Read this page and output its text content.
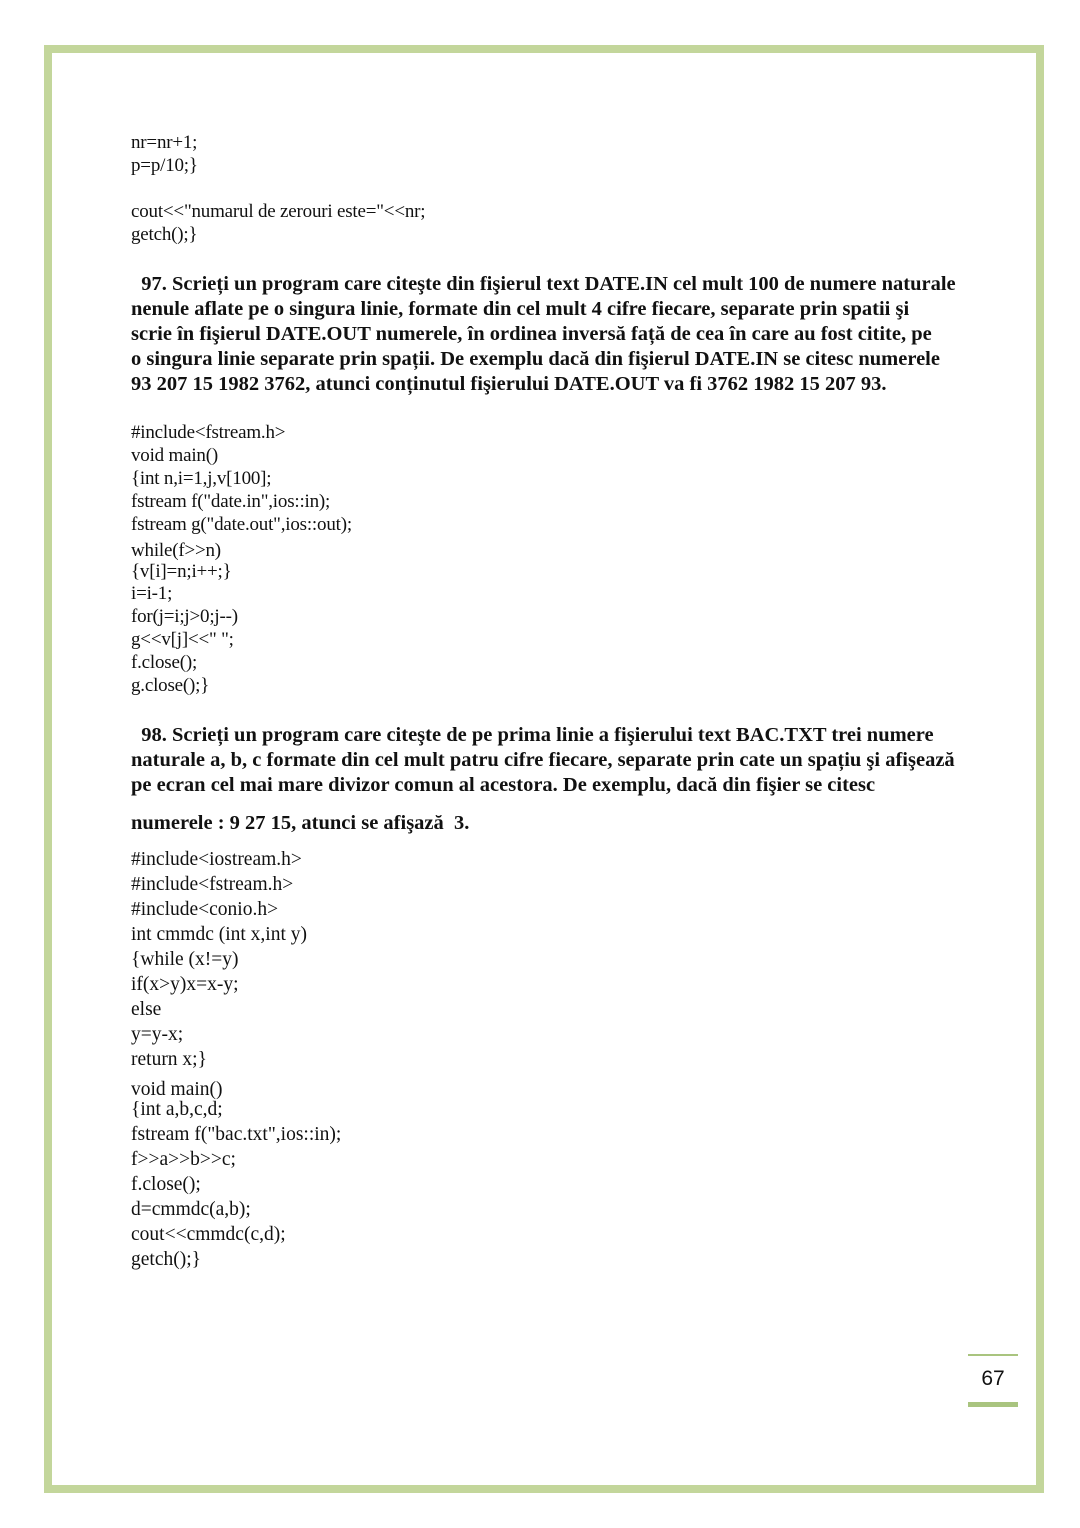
nr=nr+1;
p=p/10;}
cout<<"numarul de zerouri este="<<nr;
getch();}
97. Scrieți un program care citeşte din fişierul text DATE.IN cel mult 100 de numere naturale
nenule aflate pe o singura linie, formate din cel mult 4 cifre fiecare, separate prin spatii şi
scrie în fişierul DATE.OUT numerele, în ordinea inversă față de cea în care au fost citite, pe
o singura linie separate prin spații. De exemplu dacă din fişierul DATE.IN se citesc numerele
93 207 15 1982 3762, atunci conținutul fişierului DATE.OUT va fi 3762 1982 15 207 93.
#include<fstream.h>
void main()
{int n,i=1,j,v[100];
fstream f("date.in",ios::in);
fstream g("date.out",ios::out);
while(f>>n)
{v[i]=n;i++;}
i=i-1;
for(j=i;j>0;j--)
g<<v[j]<<" ";
f.close();
g.close();}
98. Scrieți un program care citeşte de pe prima linie a fişierului text BAC.TXT trei numere
naturale a, b, c formate din cel mult patru cifre fiecare, separate prin cate un spațiu şi afişează
pe ecran cel mai mare divizor comun al acestora. De exemplu, dacă din fişier se citesc
numerele : 9 27 15, atunci se afişază  3.
#include<iostream.h>
#include<fstream.h>
#include<conio.h>
int cmmdc (int x,int y)
{while (x!=y)
if(x>y)x=x-y;
else
y=y-x;
return x;}
void main()
{int a,b,c,d;
fstream f("bac.txt",ios::in);
f>>a>>b>>c;
f.close();
d=cmmdc(a,b);
cout<<cmmdc(c,d);
getch();}
67
